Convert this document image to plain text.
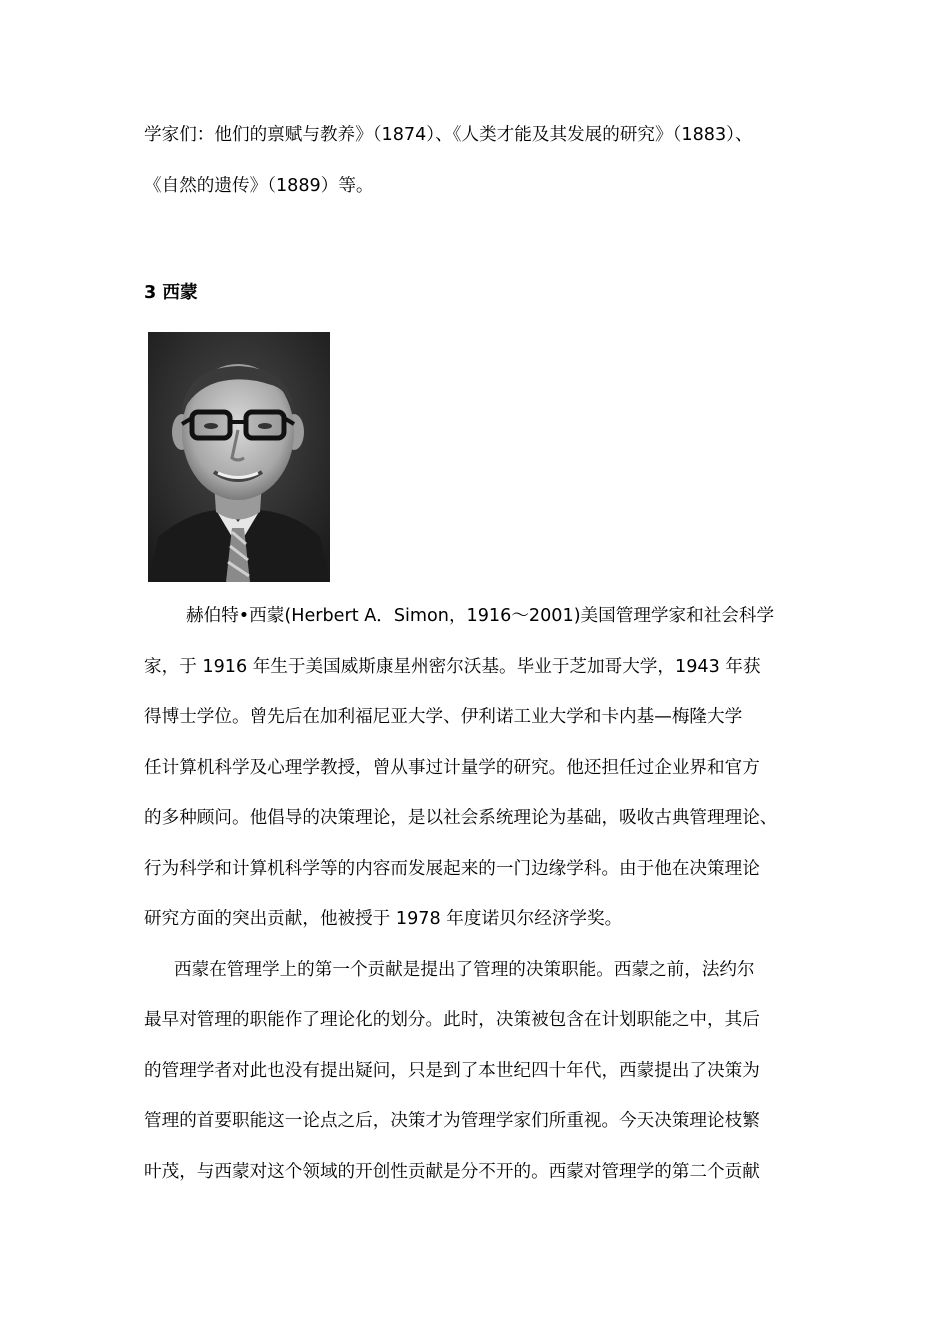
学家们：他们的禀赋与教养》（1874）、《人类才能及其发展的研究》（1883）、
《自然的遗传》（1889）等。
3 西蒙
赫伯特•西蒙(Herbert A．Simon，1916～2001)美国管理学家和社会科学
家，于 1916 年生于美国威斯康星州密尔沃基。毕业于芝加哥大学，1943 年获
得博士学位。曾先后在加利福尼亚大学、伊利诺工业大学和卡内基—梅隆大学
任计算机科学及心理学教授，曾从事过计量学的研究。他还担任过企业界和官方
的多种顾问。他倡导的决策理论，是以社会系统理论为基础，吸收古典管理理论、
行为科学和计算机科学等的内容而发展起来的一门边缘学科。由于他在决策理论
研究方面的突出贡献，他被授于 1978 年度诺贝尔经济学奖。
西蒙在管理学上的第一个贡献是提出了管理的决策职能。西蒙之前，法约尔
最早对管理的职能作了理论化的划分。此时，决策被包含在计划职能之中，其后
的管理学者对此也没有提出疑问，只是到了本世纪四十年代，西蒙提出了决策为
管理的首要职能这一论点之后，决策才为管理学家们所重视。今天决策理论枝繁
叶茂，与西蒙对这个领域的开创性贡献是分不开的。西蒙对管理学的第二个贡献
